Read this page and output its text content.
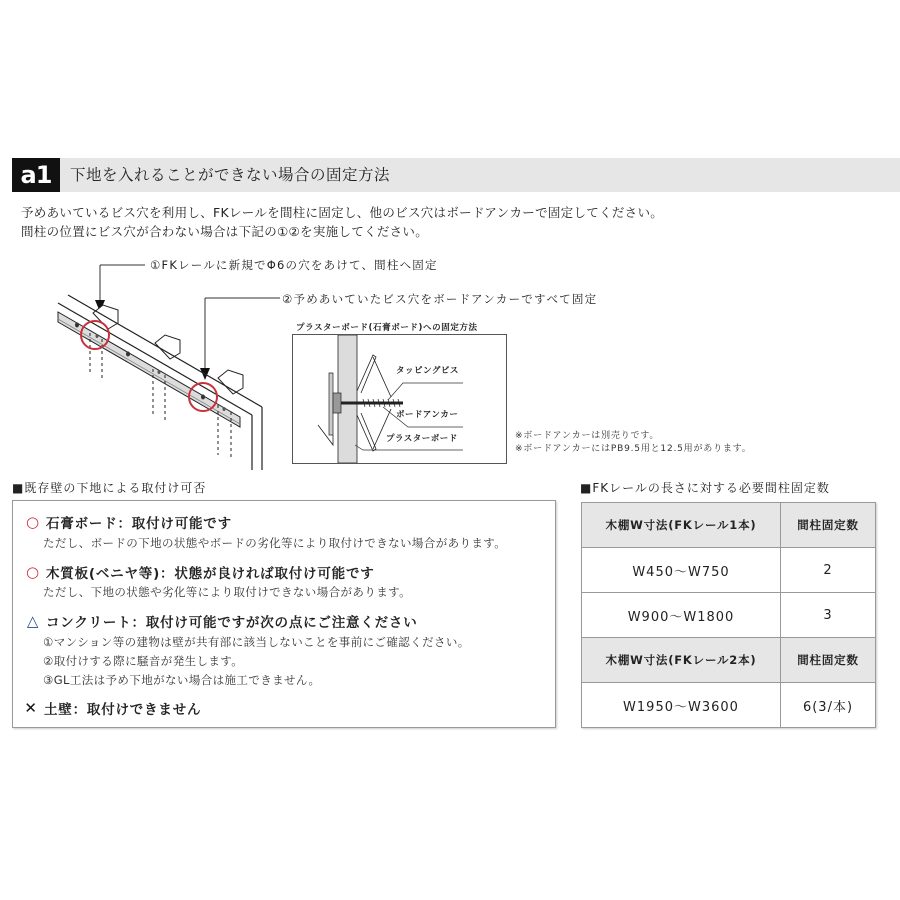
a1	下地を入れることができない場合の固定方法
予めあいているビス穴を利用し、FKレールを間柱に固定し、他のビス穴はボードアンカーで固定してください。
間柱の位置にビス穴が合わない場合は下記の①②を実施してください。
①FKレールに新規でΦ6の穴をあけて、間柱へ固定
②予めあいていたビス穴をボードアンカーですべて固定
プラスターボード(石膏ボード)への固定方法
タッピングビス
ボードアンカー
プラスターボード	※ボードアンカーは別売りです。
※ボードアンカーにはPB9.5用と12.5用があります。
■既存壁の下地による取付け可否
○ 石膏ボード：取付け可能です
ただし、ボードの下地の状態やボードの劣化等により取付けできない場合があります。
○ 木質板(ベニヤ等)：状態が良ければ取付け可能です
ただし、下地の状態や劣化等により取付けできない場合があります。
△ コンクリート：取付け可能ですが次の点にご注意ください
①マンション等の建物は壁が共有部に該当しないことを事前にご確認ください。
②取付けする際に騒音が発生します。
③GL工法は予め下地がない場合は施工できません。
✕ 土壁：取付けできません
■FKレールの長さに対する必要間柱固定数
木棚W寸法(FKレール1本)	間柱固定数
W450〜W750	2
W900〜W1800	3
木棚W寸法(FKレール2本)	間柱固定数
W1950〜W3600	6(3/本)
